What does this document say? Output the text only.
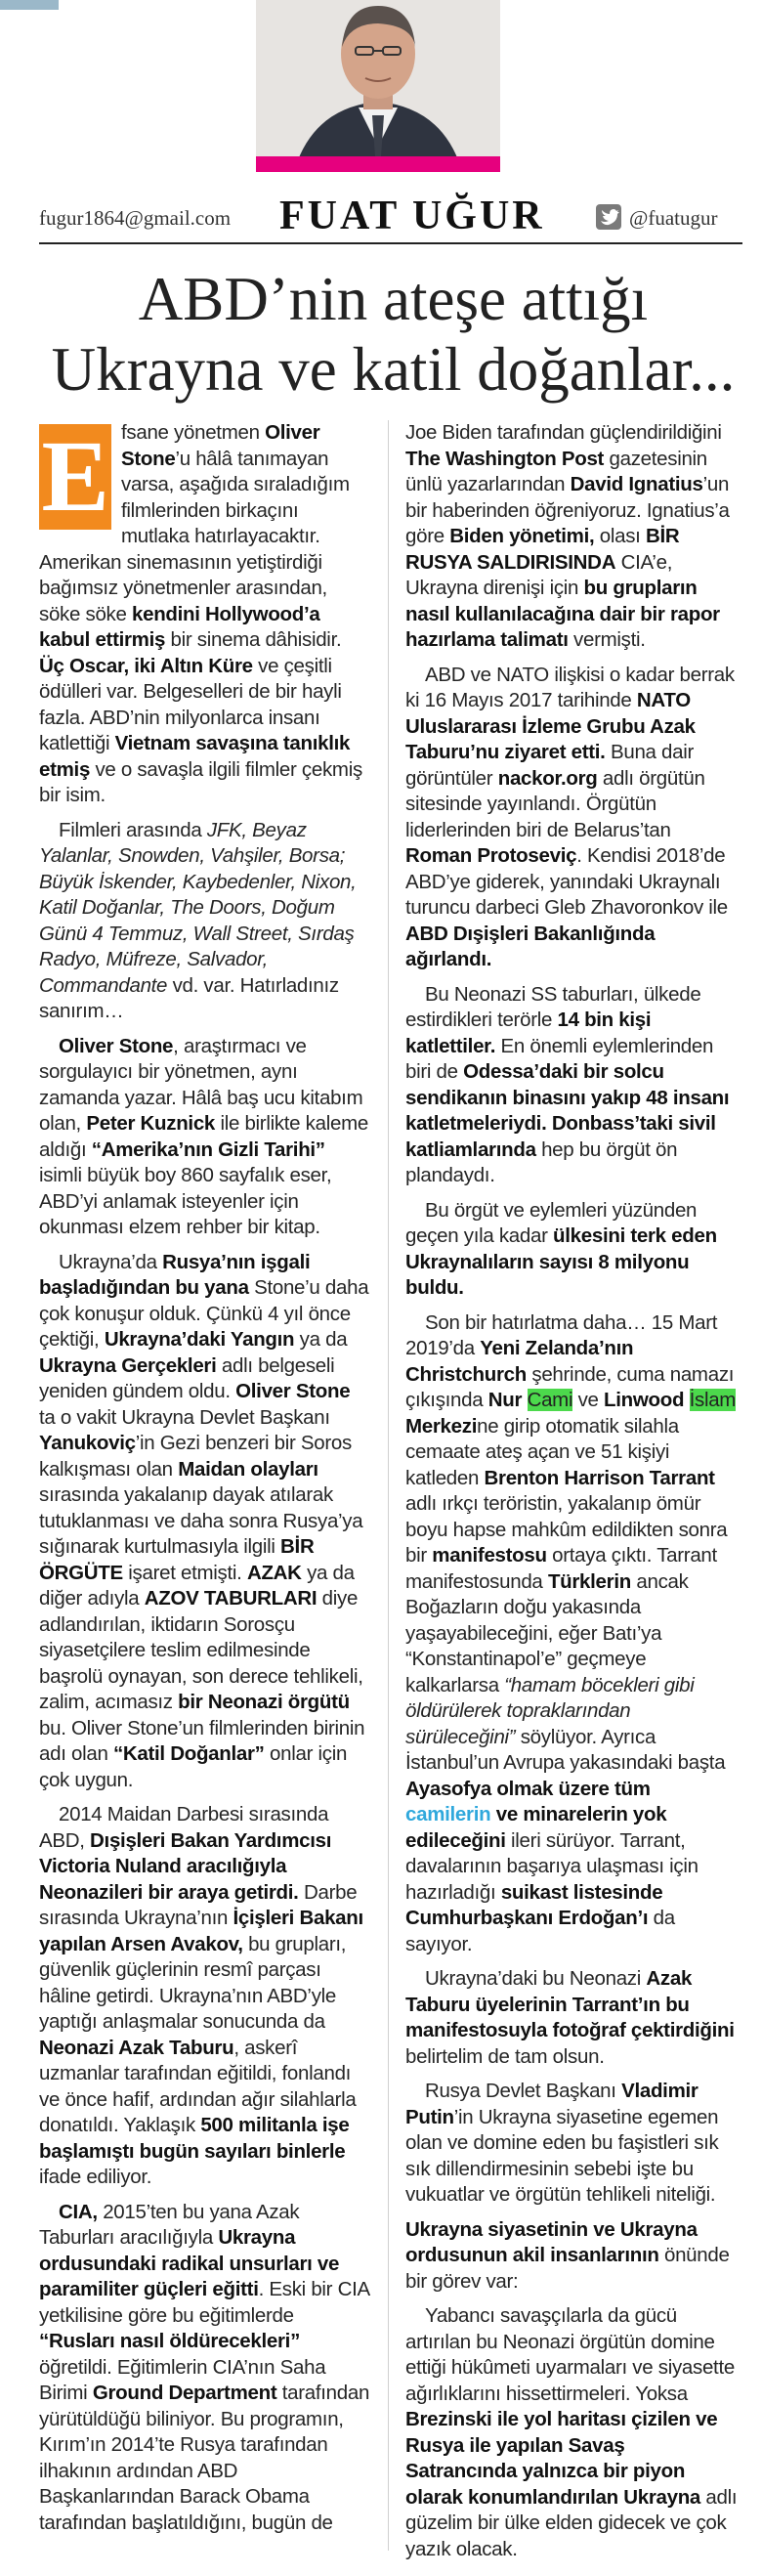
fugur1864@gmail.com FUAT UĞUR	@fuatugur
ABD’nin ateşe attığı
Ukrayna ve katil doğanlar...

E fsane yönetmen Oliver Stone’u hâlâ tanımayan varsa, aşağıda sıraladığım filmlerinden birkaçını mutlaka hatırlayacaktır. Amerikan sinemasının yetiştirdiği bağımsız yönetmenler arasından, söke söke kendini Hollywood’a kabul ettirmiş bir sinema dâhisidir. Üç Oscar, iki Altın Küre ve çeşitli ödülleri var. Belgeselleri de bir hayli fazla. ABD’nin milyonlarca insanı katlettiği Vietnam savaşına tanıklık etmiş ve o savaşla ilgili filmler çekmiş bir isim.

Filmleri arasında JFK, Beyaz Yalanlar, Snowden, Vahşiler, Borsa; Büyük İskender, Kaybedenler, Nixon, Katil Doğanlar, The Doors, Doğum Günü 4 Temmuz, Wall Street, Sırdaş Radyo, Müfreze, Salvador, Commandante vd. var. Hatırladınız sanırım…

Oliver Stone, araştırmacı ve sorgulayıcı bir yönetmen, aynı zamanda yazar. Hâlâ baş ucu kitabım olan, Peter Kuznick ile birlikte kaleme aldığı “Amerika’nın Gizli Tarihi” isimli büyük boy 860 sayfalık eser, ABD’yi anlamak isteyenler için okunması elzem rehber bir kitap.

Ukrayna’da Rusya’nın işgali başladığından bu yana Stone’u daha çok konuşur olduk. Çünkü 4 yıl önce çektiği, Ukrayna’daki Yangın ya da Ukrayna Gerçekleri adlı belgeseli yeniden gündem oldu. Oliver Stone ta o vakit Ukrayna Devlet Başkanı Yanukoviç’in Gezi benzeri bir Soros kalkışması olan Maidan olayları sırasında yakalanıp dayak atılarak tutuklanması ve daha sonra Rusya’ya sığınarak kurtulmasıyla ilgili BİR ÖRGÜTE işaret etmişti. AZAK ya da diğer adıyla AZOV TABURLARI diye adlandırılan, iktidarın Sorosçu siyasetçilere teslim edilmesinde başrolü oynayan, son derece tehlikeli, zalim, acımasız bir Neonazi örgütü bu. Oliver Stone’un filmlerinden birinin adı olan “Katil Doğanlar” onlar için çok uygun.

2014 Maidan Darbesi sırasında ABD, Dışişleri Bakan Yardımcısı Victoria Nuland aracılığıyla Neonazileri bir araya getirdi. Darbe sırasında Ukrayna’nın İçişleri Bakanı yapılan Arsen Avakov, bu grupları, güvenlik güçlerinin resmî parçası hâline getirdi. Ukrayna’nın ABD’yle yaptığı anlaşmalar sonucunda da Neonazi Azak Taburu, askerî uzmanlar tarafından eğitildi, fonlandı ve önce hafif, ardından ağır silahlarla donatıldı. Yaklaşık 500 militanla işe başlamıştı bugün sayıları binlerle ifade ediliyor.

CIA, 2015’ten bu yana Azak Taburları aracılığıyla Ukrayna ordusundaki radikal unsurları ve paramiliter güçleri eğitti. Eski bir CIA yetkilisine göre bu eğitimlerde “Rusları nasıl öldürecekleri” öğretildi. Eğitimlerin CIA’nın Saha Birimi Ground Department tarafından yürütüldüğü biliniyor. Bu programın, Kırım’ın 2014’te Rusya tarafından ilhakının ardından ABD Başkanlarından Barack Obama tarafından başlatıldığını, bugün de

Joe Biden tarafından güçlendirildiğini The Washington Post gazetesinin ünlü yazarlarından David Ignatius’un bir haberinden öğreniyoruz. Ignatius’a göre Biden yönetimi, olası BİR RUSYA SALDIRISINDA CIA’e, Ukrayna direnişi için bu grupların nasıl kullanılacağına dair bir rapor hazırlama talimatı vermişti.

ABD ve NATO ilişkisi o kadar berrak ki 16 Mayıs 2017 tarihinde NATO Uluslararası İzleme Grubu Azak Taburu’nu ziyaret etti. Buna dair görüntüler nackor.org adlı örgütün sitesinde yayınlandı. Örgütün liderlerinden biri de Belarus’tan Roman Protoseviç. Kendisi 2018’de ABD’ye giderek, yanındaki Ukraynalı turuncu darbeci Gleb Zhavoronkov ile ABD Dışişleri Bakanlığında ağırlandı.

Bu Neonazi SS taburları, ülkede estirdikleri terörle 14 bin kişi katlettiler. En önemli eylemlerinden biri de Odessa’daki bir solcu sendikanın binasını yakıp 48 insanı katletmeleriydi. Donbass’taki sivil katliamlarında hep bu örgüt ön plandaydı.

Bu örgüt ve eylemleri yüzünden geçen yıla kadar ülkesini terk eden Ukraynalıların sayısı 8 milyonu buldu.

Son bir hatırlatma daha… 15 Mart 2019’da Yeni Zelanda’nın Christchurch şehrinde, cuma namazı çıkışında Nur Cami ve Linwood İslam Merkezine girip otomatik silahla cemaate ateş açan ve 51 kişiyi katleden Brenton Harrison Tarrant adlı ırkçı teröristin, yakalanıp ömür boyu hapse mahkûm edildikten sonra bir manifestosu ortaya çıktı. Tarrant manifestosunda Türklerin ancak Boğazların doğu yakasında yaşayabileceğini, eğer Batı’ya “Konstantinapol’e” geçmeye kalkarlarsa “hamam böcekleri gibi öldürülerek topraklarından sürüleceğini” söylüyor. Ayrıca İstanbul’un Avrupa yakasındaki başta Ayasofya olmak üzere tüm camilerin ve minarelerin yok edileceğini ileri sürüyor. Tarrant, davalarının başarıya ulaşması için hazırladığı suikast listesinde Cumhurbaşkanı Erdoğan’ı da sayıyor.

Ukrayna’daki bu Neonazi Azak Taburu üyelerinin Tarrant’ın bu manifestosuyla fotoğraf çektirdiğini belirtelim de tam olsun.

Rusya Devlet Başkanı Vladimir Putin’in Ukrayna siyasetine egemen olan ve domine eden bu faşistleri sık sık dillendirmesinin sebebi işte bu vukuatlar ve örgütün tehlikeli niteliği.

Ukrayna siyasetinin ve Ukrayna ordusunun akil insanlarının önünde bir görev var:

Yabancı savaşçılarla da gücü artırılan bu Neonazi örgütün domine ettiği hükûmeti uyarmaları ve siyasette ağırlıklarını hissettirmeleri. Yoksa Brezinski ile yol haritası çizilen ve Rusya ile yapılan Savaş Satrancında yalnızca bir piyon olarak konumlandırılan Ukrayna adlı güzelim bir ülke elden gidecek ve çok yazık olacak.
